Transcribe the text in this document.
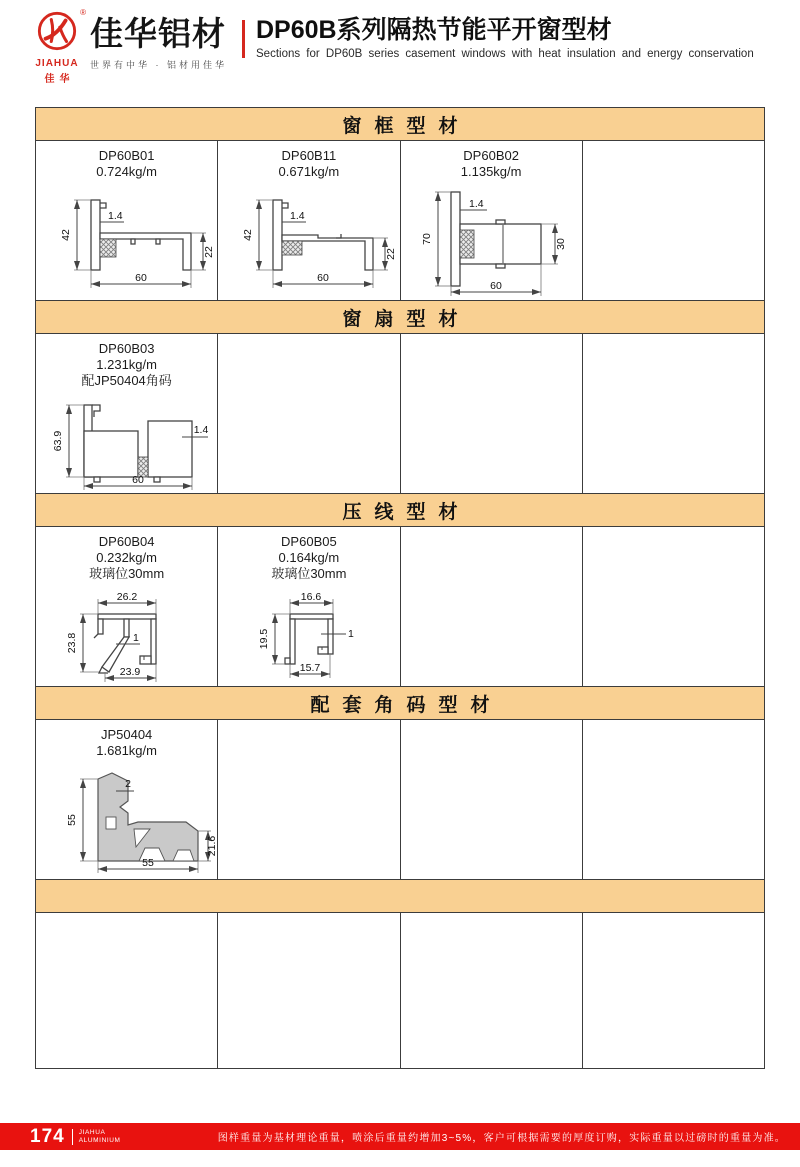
®
JIAHUA
佳华
佳华铝材
世界有中华 · 铝材用佳华
DP60B系列隔热节能平开窗型材
Sections for DP60B series casement windows with heat insulation and energy conservation
窗框型材			

DP60B01
0.724kg/m
42
1.4
60
22

DP60B11
0.671kg/m
42
1.4
60
22

DP60B02
1.135kg/m
70
1.4
30
60

窗扇型材			

DP60B03
1.231kg/m
配JP50404角码
63.9
1.4
60

压线型材			

DP60B04
0.232kg/m
玻璃位30mm
26.2
23.8	1
23.9

DP60B05
0.164kg/m
玻璃位30mm
16.6
19.5	1
15.7

配套角码型材			

JP50404
1.681kg/m
2
55
55
21.6

174 JIAHUA
ALUMINIUM	图样重量为基材理论重量，喷涂后重量约增加3~5%，客户可根据需要的厚度订购，实际重量以过磅时的重量为准。
